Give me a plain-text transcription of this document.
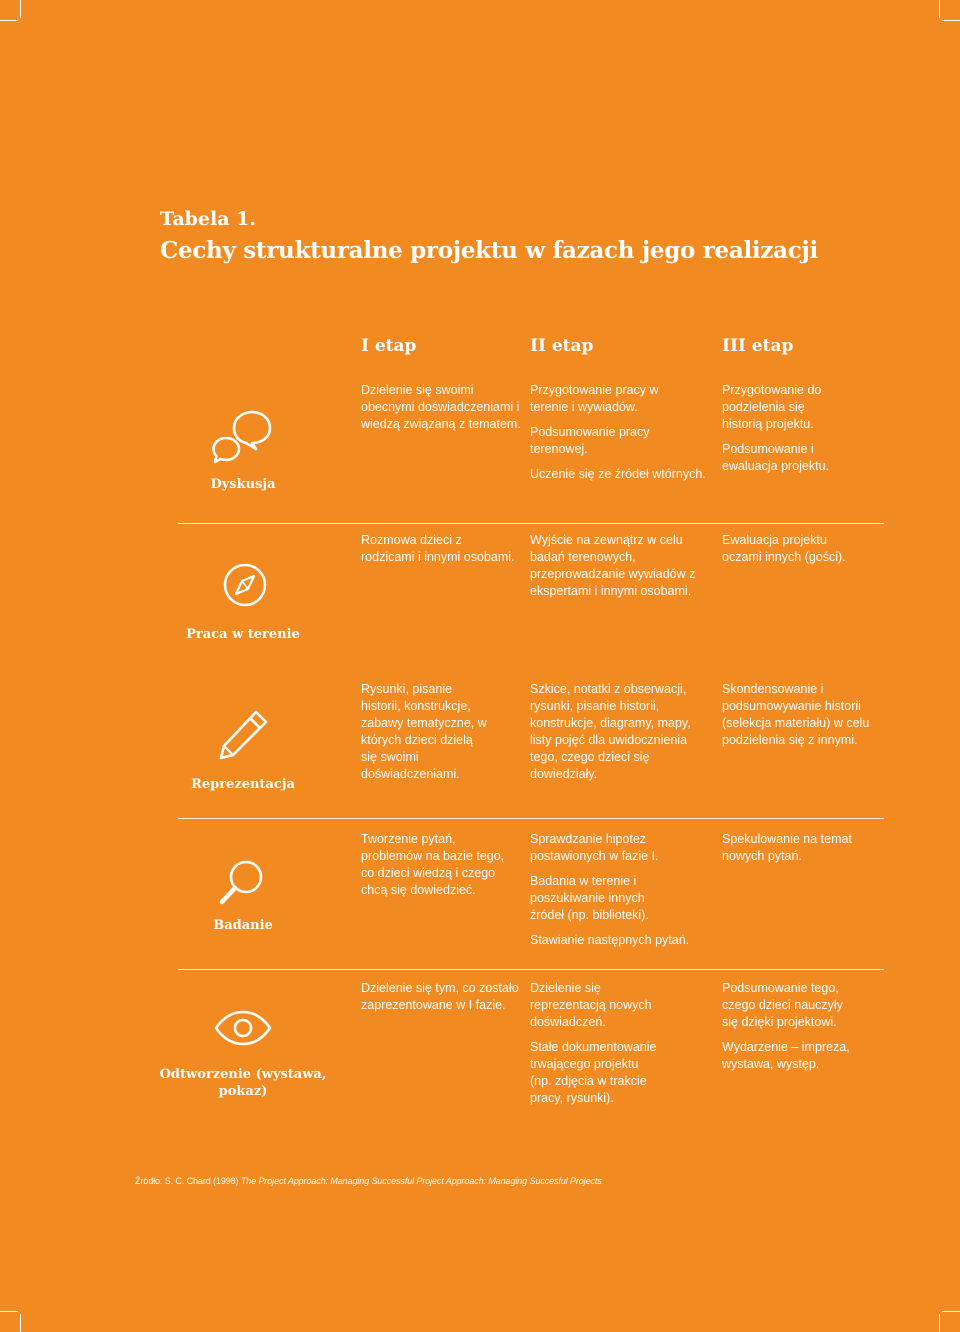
Tabela 1.
Cechy strukturalne projektu w fazach jego realizacji
I etap	II etap	III etap
Dyskusja

Dzielenie się swoimi obecnymi doświadczeniami i wiedzą związaną z tematem.

Przygotowanie pracy w terenie i wywiadów.

Podsumowanie pracy terenowej.

Uczenie się ze źródeł wtórnych.

Przygotowanie do podzielenia się historią projektu.

Podsumowanie i ewaluacja projektu.

Praca w terenie

Rozmowa dzieci z rodzicami i innymi osobami.

Wyjście na zewnątrz w celu badań terenowych, przeprowadzanie wywiadów z ekspertami i innymi osobami.

Ewaluacja projektu oczami innych (gości).

Reprezentacja

Rysunki, pisanie historii, konstrukcje, zabawy tematyczne, w których dzieci dzielą się swoimi doświadczeniami.

Szkice, notatki z obserwacji, rysunki, pisanie historii, konstrukcje, diagramy, mapy, listy pojęć dla uwidocznienia tego, czego dzieci się dowiedziały.

Skondensowanie i podsumowywanie historii (selekcja materiału) w celu podzielenia się z innymi.

Badanie

Tworzenie pytań, problemów na bazie tego, co dzieci wiedzą i czego chcą się dowiedzieć.

Sprawdzanie hipotez postawionych w fazie I.

Badania w terenie i poszukiwanie innych źródeł (np. biblioteki).

Stawianie następnych pytań.

Spekulowanie na temat nowych pytań.

Odtworzenie (wystawa, pokaz)

Dzielenie się tym, co zostało zaprezentowane w I fazie.

Dzielenie się reprezentacją nowych doświadczeń.

Stałe dokumentowanie trwającego projektu (np. zdjęcia w trakcie pracy, rysunki).

Podsumowanie tego, czego dzieci nauczyły się dzięki projektowi.

Wydarzenie – impreza, wystawa, występ.

Źródło: S. C. Chard (1998) The Project Approach: Managing Successful Project Approach: Managing Succesful Projects
